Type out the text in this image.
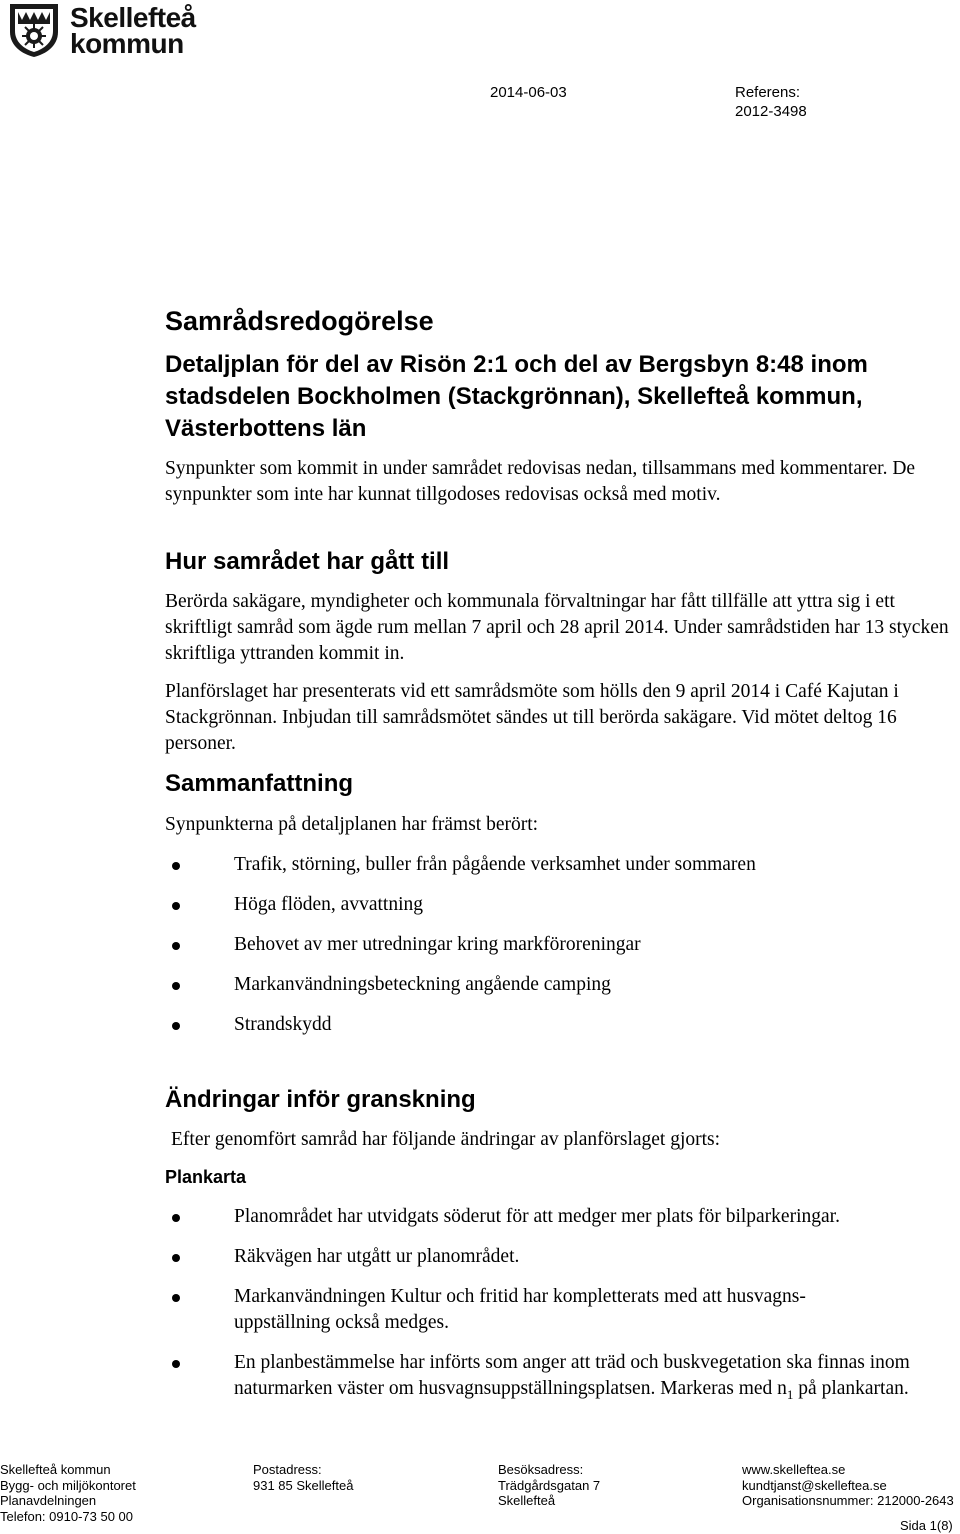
Skellefteå
kommun
2014-06-03	Referens:
2012-3498
Samrådsredogörelse
Detaljplan för del av Risön 2:1 och del av Bergsbyn 8:48 inom stadsdelen Bockholmen (Stackgrönnan), Skellefteå kommun, Västerbottens län

Synpunkter som kommit in under samrådet redovisas nedan, tillsammans med kommentarer. De synpunkter som inte har kunnat tillgodoses redovisas också med motiv.

Hur samrådet har gått till

Berörda sakägare, myndigheter och kommunala förvaltningar har fått tillfälle att yttra sig i ett skriftligt samråd som ägde rum mellan 7 april och 28 april 2014. Under samrådstiden har 13 stycken skriftliga yttranden kommit in.

Planförslaget har presenterats vid ett samrådsmöte som hölls den 9 april 2014 i Café Kajutan i Stackgrönnan. Inbjudan till samrådsmötet sändes ut till berörda sakägare. Vid mötet deltog 16 personer.

Sammanfattning

Synpunkterna på detaljplanen har främst berört:

Trafik, störning, buller från pågående verksamhet under sommaren
Höga flöden, avvattning
Behovet av mer utredningar kring markföroreningar
Markanvändningsbeteckning angående camping
Strandskydd
Ändringar inför granskning

Efter genomfört samråd har följande ändringar av planförslaget gjorts:

Plankarta
Planområdet har utvidgats söderut för att medger mer plats för bilparkeringar.
Räkvägen har utgått ur planområdet.
Markanvändningen Kultur och fritid har kompletterats med att husvagns-uppställning också medges.
En planbestämmelse har införts som anger att träd och buskvegetation ska finnas inom naturmarken väster om husvagnsuppställningsplatsen. Markeras med $n_1$ på plankartan.
Skellefteå kommun
Bygg- och miljökontoret
Planavdelningen
Telefon: 0910-73 50 00
Postadress:
931 85 Skellefteå
Besöksadress:
Trädgårdsgatan 7
Skellefteå
www.skelleftea.se
kundtjanst@skelleftea.se
Organisationsnummer: 212000-2643
Sida 1(8)
